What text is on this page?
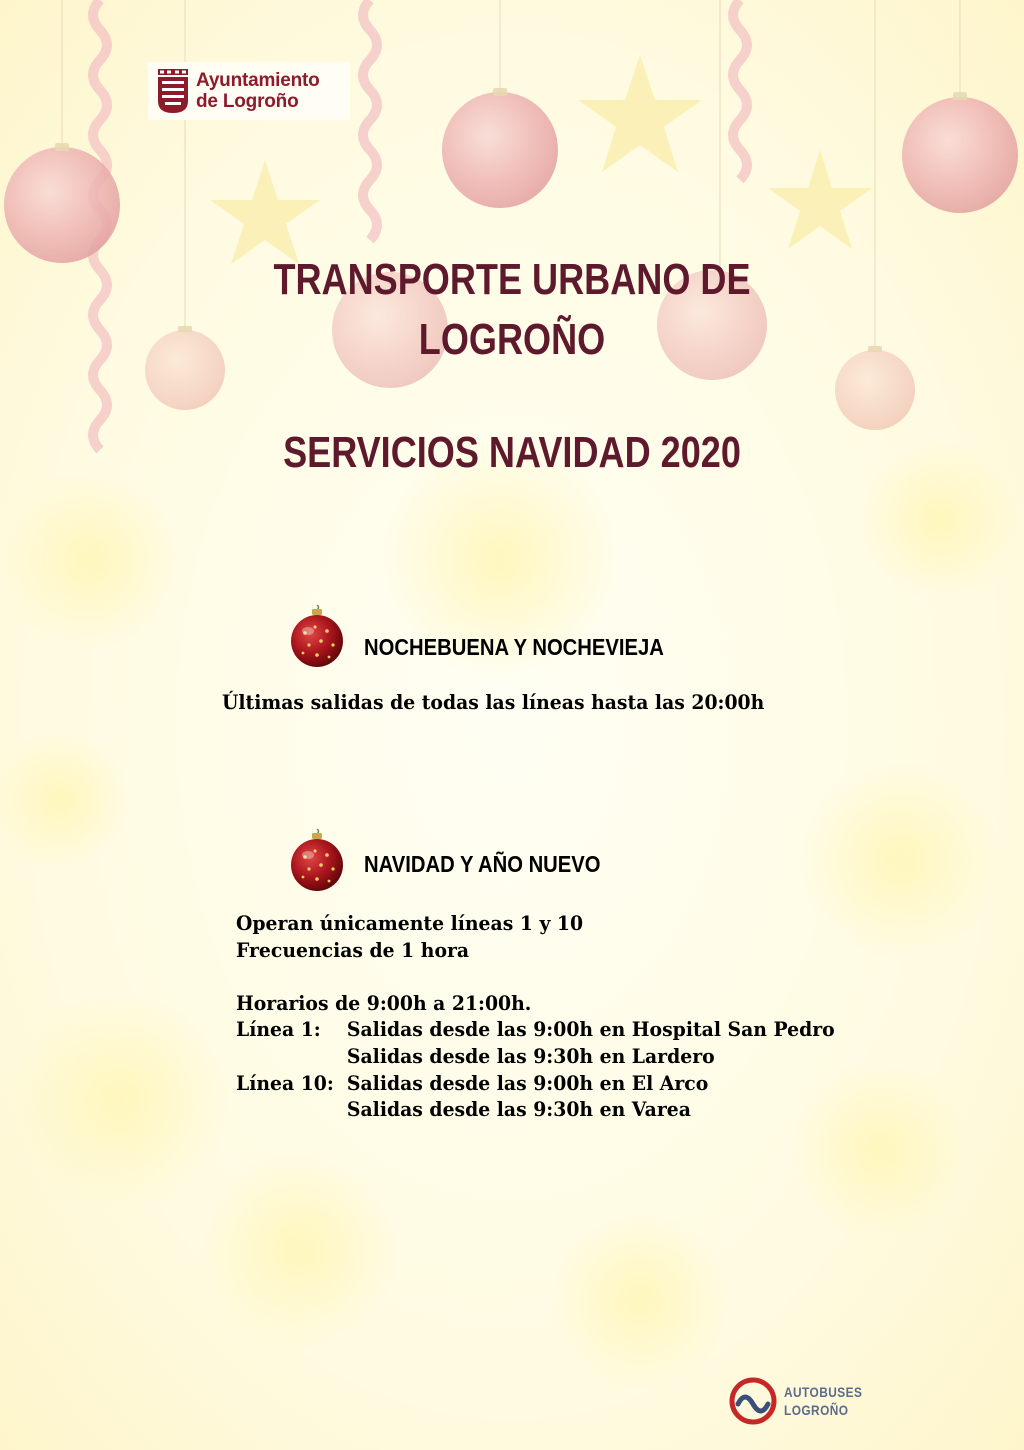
Ayuntamiento
de Logroño
TRANSPORTE URBANO DE
LOGROÑO
SERVICIOS NAVIDAD 2020
NOCHEBUENA Y NOCHEVIEJA
Últimas salidas de todas las líneas hasta las 20:00h
NAVIDAD Y AÑO NUEVO
Operan únicamente líneas 1 y 10
Frecuencias de 1 hora
Horarios de 9:00h a 21:00h.
Línea 1: Salidas desde las 9:00h en Hospital San Pedro
Salidas desde las 9:30h en Lardero
Línea 10: Salidas desde las 9:00h en El Arco
Salidas desde las 9:30h en Varea
AUTOBUSES
LOGROÑO
